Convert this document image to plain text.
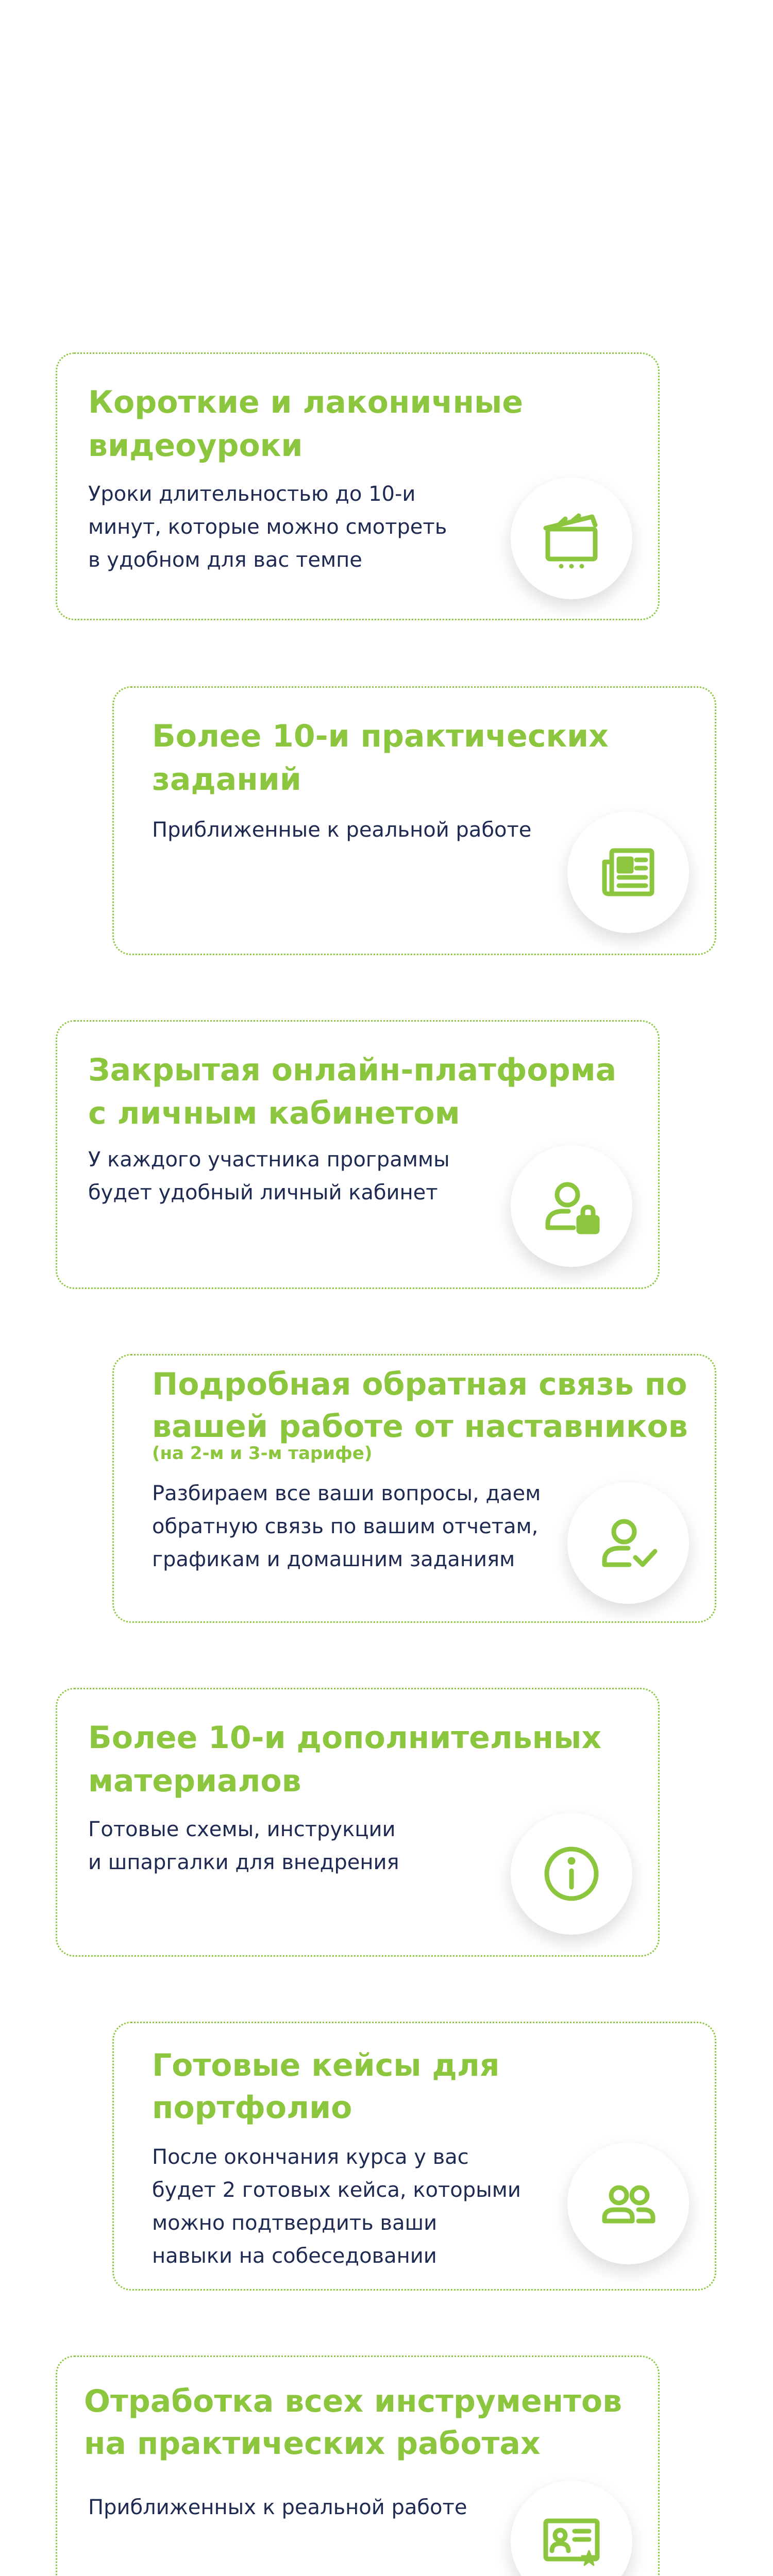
Короткие и лаконичные

видеоуроки

Уроки длительностью до 10-и
минут, которые можно смотреть
в удобном для вас темпе

Более 10-и практических

заданий

Приближенные к реальной работе

Закрытая онлайн-платформа

с личным кабинетом

У каждого участника программы
будет удобный личный кабинет

Подробная обратная связь по

вашей работе от наставников

(на 2-м и 3-м тарифе)

Разбираем все ваши вопросы, даем
обратную связь по вашим отчетам,
графикам и домашним заданиям

Более 10-и дополнительных

материалов

Готовые схемы, инструкции
и шпаргалки для внедрения

Готовые кейсы для

портфолио

После окончания курса у вас
будет 2 готовых кейса, которыми
можно подтвердить ваши
навыки на собеседовании

Отработка всех инструментов

на практических работах

Приближенных к реальной работе
